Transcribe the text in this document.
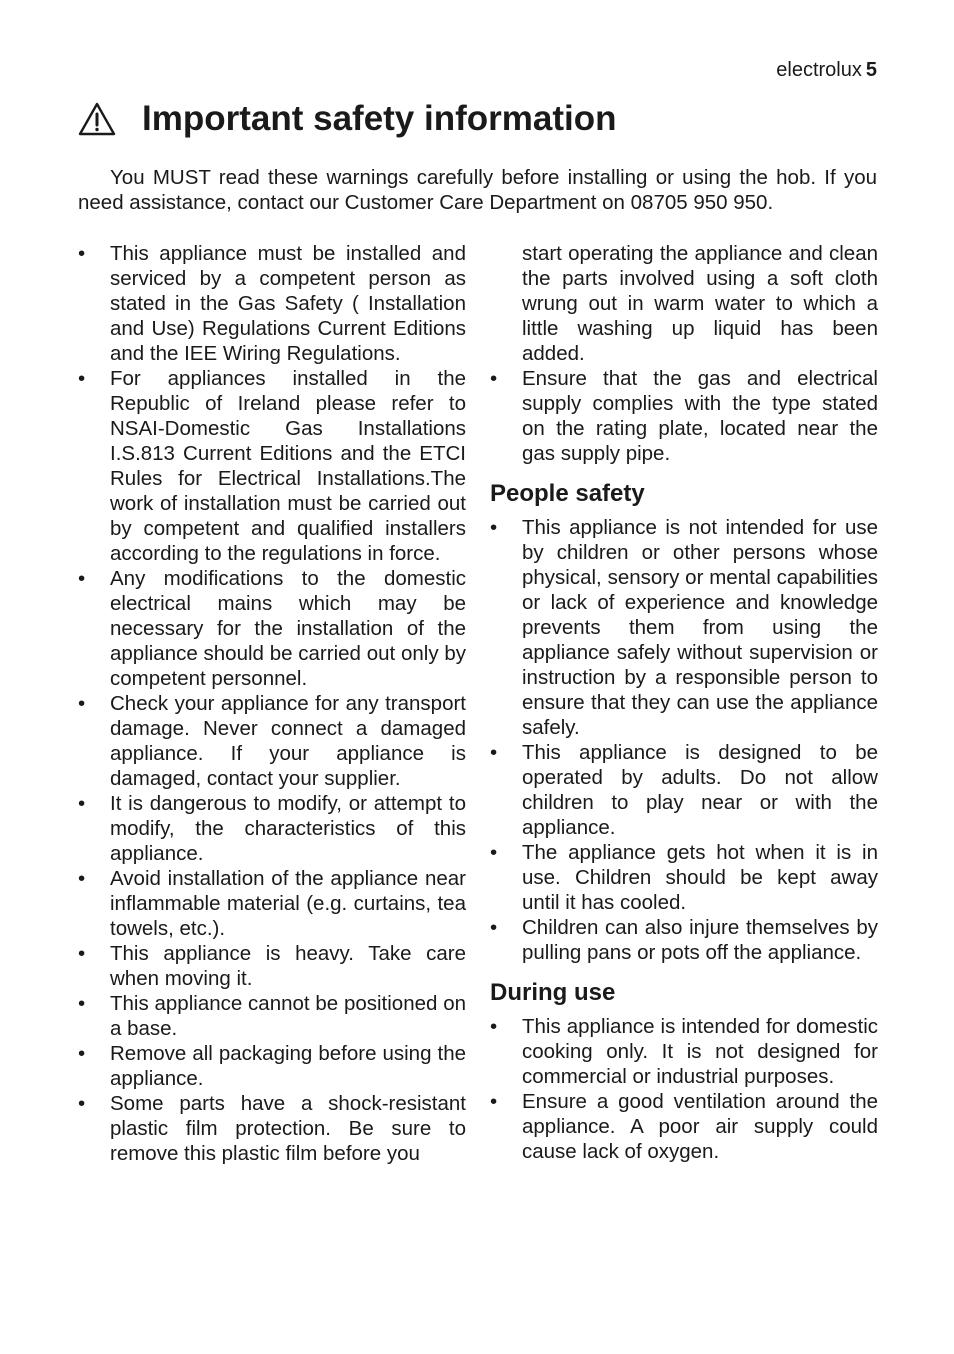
electrolux 5
Important safety information

You MUST read these warnings carefully before installing or using the hob. If you need assistance, contact our Customer Care Department on 08705 950 950.

• This appliance must be installed and serviced by a competent person as stated in the Gas Safety ( Installation and Use) Regulations Current Editions and the IEE Wiring Regulations.
• For appliances installed in the Republic of Ireland please refer to NSAI-Domestic Gas Installations I.S.813 Current Editions and the ETCI Rules for Electrical Installations.The work of installation must be carried out by competent and qualified installers according to the regulations in force.
• Any modifications to the domestic electrical mains which may be necessary for the installation of the appliance should be carried out only by competent personnel.
• Check your appliance for any transport damage. Never connect a damaged appliance. If your appliance is damaged, contact your supplier.
• It is dangerous to modify, or attempt to modify, the characteristics of this appliance.
• Avoid installation of the appliance near inflammable material (e.g. curtains, tea towels, etc.).
• This appliance is heavy. Take care when moving it.
• This appliance cannot be positioned on a base.
• Remove all packaging before using the appliance.
• Some parts have a shock-resistant plastic film protection. Be sure to remove this plastic film before you

start operating the appliance and clean the parts involved using a soft cloth wrung out in warm water to which a little washing up liquid has been added.

• Ensure that the gas and electrical supply complies with the type stated on the rating plate, located near the gas supply pipe.
People safety
• This appliance is not intended for use by children or other persons whose physical, sensory or mental capabilities or lack of experience and knowledge prevents them from using the appliance safely without supervision or instruction by a responsible person to ensure that they can use the appliance safely.
• This appliance is designed to be operated by adults. Do not allow children to play near or with the appliance.
• The appliance gets hot when it is in use. Children should be kept away until it has cooled.
• Children can also injure themselves by pulling pans or pots off the appliance.
During use
• This appliance is intended for domestic cooking only. It is not designed for commercial or industrial purposes.
• Ensure a good ventilation around the appliance. A poor air supply could cause lack of oxygen.
